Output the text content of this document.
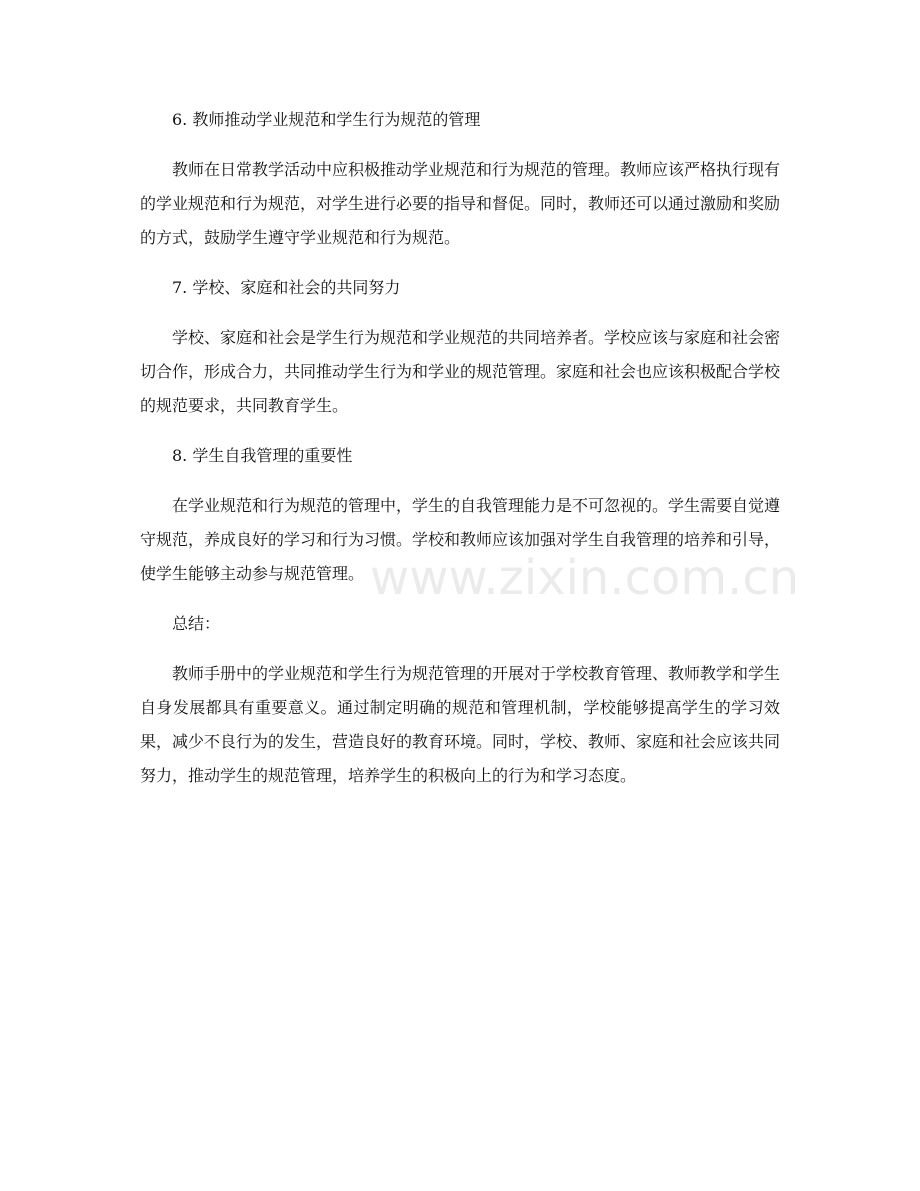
6. 教师推动学业规范和学生行为规范的管理

教师在日常教学活动中应积极推动学业规范和行为规范的管理。教师应该严格执行现有的学业规范和行为规范，对学生进行必要的指导和督促。同时，教师还可以通过激励和奖励的方式，鼓励学生遵守学业规范和行为规范。

7. 学校、家庭和社会的共同努力

学校、家庭和社会是学生行为规范和学业规范的共同培养者。学校应该与家庭和社会密切合作，形成合力，共同推动学生行为和学业的规范管理。家庭和社会也应该积极配合学校的规范要求，共同教育学生。

8. 学生自我管理的重要性

在学业规范和行为规范的管理中，学生的自我管理能力是不可忽视的。学生需要自觉遵守规范，养成良好的学习和行为习惯。学校和教师应该加强对学生自我管理的培养和引导，使学生能够主动参与规范管理。

总结：

教师手册中的学业规范和学生行为规范管理的开展对于学校教育管理、教师教学和学生自身发展都具有重要意义。通过制定明确的规范和管理机制，学校能够提高学生的学习效果，减少不良行为的发生，营造良好的教育环境。同时，学校、教师、家庭和社会应该共同努力，推动学生的规范管理，培养学生的积极向上的行为和学习态度。

www.zixin.com.cn
